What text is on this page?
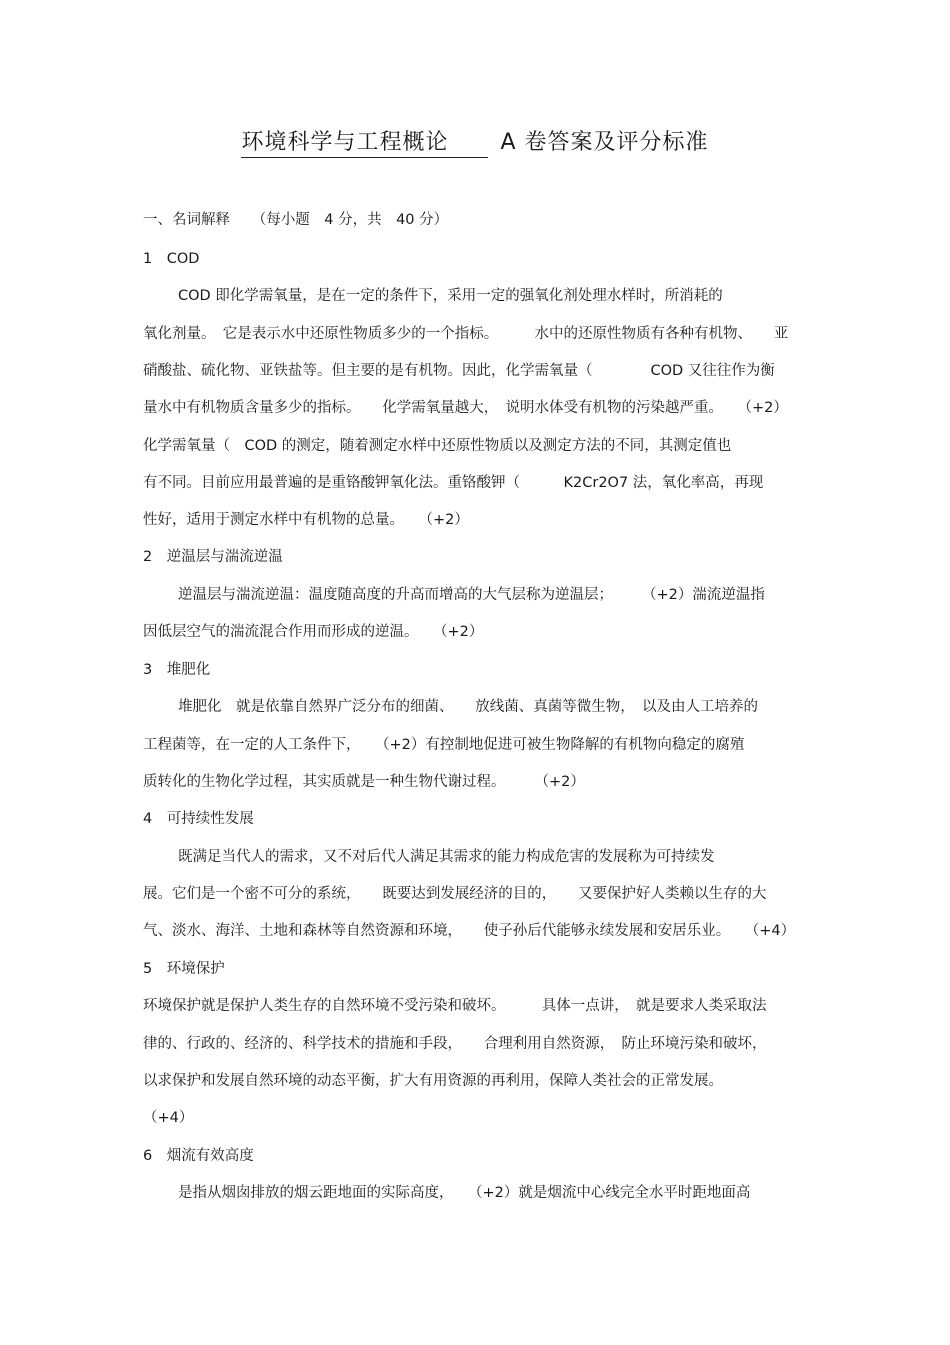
环境科学与工程概论 A 卷答案及评分标准
一、名词解释　　（每小题　4 分，共　40 分）
1　COD
COD 即化学需氧量，是在一定的条件下，采用一定的强氧化剂处理水样时，所消耗的
氧化剂量。　它是表示水中还原性物质多少的一个指标。　　　水中的还原性物质有各种有机物、　　亚
硝酸盐、硫化物、亚铁盐等。但主要的是有机物。因此，化学需氧量（　　　　COD 又往往作为衡
量水中有机物质含量多少的指标。　　化学需氧量越大，　说明水体受有机物的污染越严重。　　（+2）
化学需氧量（　COD 的测定，随着测定水样中还原性物质以及测定方法的不同，其测定值也
有不同。目前应用最普遍的是重铬酸钾氧化法。重铬酸钾（　　　K2Cr2O7 法，氧化率高，再现
性好，适用于测定水样中有机物的总量。　　（+2）
2　逆温层与湍流逆温
逆温层与湍流逆温：温度随高度的升高而增高的大气层称为逆温层；　　　（+2）湍流逆温指
因低层空气的湍流混合作用而形成的逆温。　　（+2）
3　堆肥化
堆肥化　就是依靠自然界广泛分布的细菌、　　放线菌、真菌等微生物，　以及由人工培养的
工程菌等，在一定的人工条件下，　　（+2）有控制地促进可被生物降解的有机物向稳定的腐殖
质转化的生物化学过程，其实质就是一种生物代谢过程。　　　（+2）
4　可持续性发展
既满足当代人的需求，又不对后代人满足其需求的能力构成危害的发展称为可持续发
展。它们是一个密不可分的系统，　　既要达到发展经济的目的，　　又要保护好人类赖以生存的大
气、淡水、海洋、土地和森林等自然资源和环境，　　使子孙后代能够永续发展和安居乐业。　　（+4）
5　环境保护
环境保护就是保护人类生存的自然环境不受污染和破坏。　　　具体一点讲，　就是要求人类采取法
律的、行政的、经济的、科学技术的措施和手段，　　合理利用自然资源，　防止环境污染和破坏，
以求保护和发展自然环境的动态平衡，扩大有用资源的再利用，保障人类社会的正常发展。
（+4）
6　烟流有效高度
是指从烟囱排放的烟云距地面的实际高度，　　（+2）就是烟流中心线完全水平时距地面高
